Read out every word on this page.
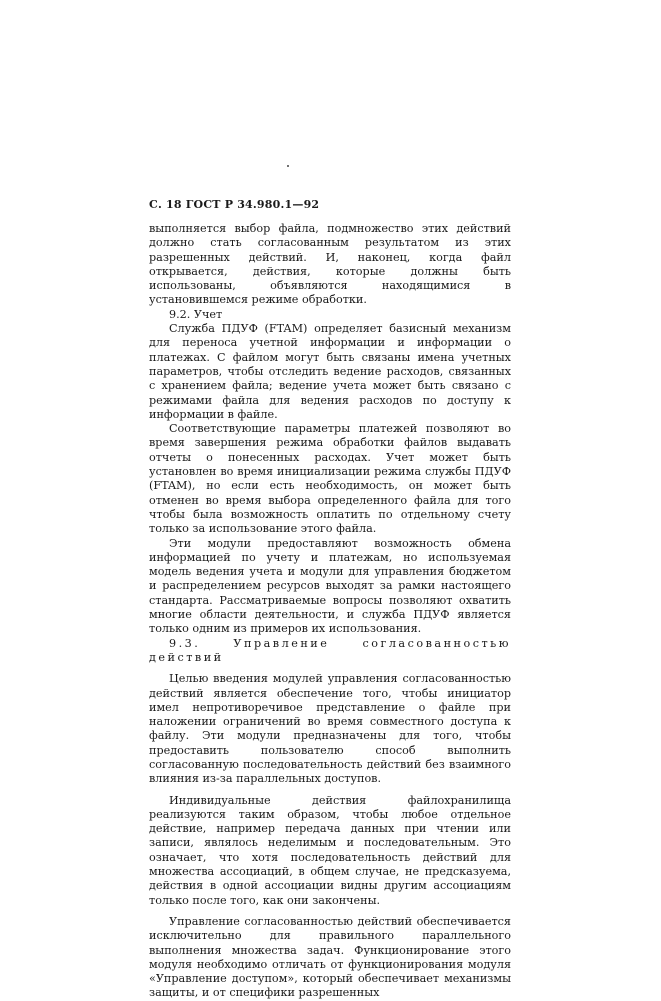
С. 18 ГОСТ Р 34.980.1—92

выполняется выбор файла, подмножество этих действий должно стать согласованным результатом из этих разрешенных действий. И, наконец, когда файл открывается, действия, которые должны быть использованы, объявляются находящимися в установившемся режиме обработки.

9.2. Учет

Служба ПДУФ (FTAM) определяет базисный механизм для переноса учетной информации и информации о платежах. С файлом могут быть связаны имена учетных параметров, чтобы отследить ведение расходов, связанных с хранением файла; ведение учета может быть связано с режимами файла для ведения расходов по доступу к информации в файле.

Соответствующие параметры платежей позволяют во время завершения режима обработки файлов выдавать отчеты о понесенных расходах. Учет может быть установлен во время инициализации режима службы ПДУФ (FTAM), но если есть необходимость, он может быть отменен во время выбора определенного файла для того чтобы была возможность оплатить по отдельному счету только за использование этого файла.

Эти модули предоставляют возможность обмена информацией по учету и платежам, но используемая модель ведения учета и модули для управления бюджетом и распределением ресурсов выходят за рамки настоящего стандарта. Рассматриваемые вопросы позволяют охватить многие области деятельности, и служба ПДУФ является только одним из примеров их использования.

9.3. Управление согласованностью действий

Целью введения модулей управления согласованностью действий является обеспечение того, чтобы инициатор имел непротиворечивое представление о файле при наложении ограничений во время совместного доступа к файлу. Эти модули предназначены для того, чтобы предоставить пользователю способ выполнить согласованную последовательность действий без взаимного влияния из-за параллельных доступов.

Индивидуальные действия файлохранилища реализуются таким образом, чтобы любое отдельное действие, например передача данных при чтении или записи, являлось неделимым и последовательным. Это означает, что хотя последовательность действий для множества ассоциаций, в общем случае, не предсказуема, действия в одной ассоциации видны другим ассоциациям только после того, как они закончены.

Управление согласованностью действий обеспечивается исключительно для правильного параллельного выполнения множества задач. Функционирование этого модуля необходимо отличать от функционирования модуля «Управление доступом», который обеспечивает механизмы защиты, и от специфики разрешенных
